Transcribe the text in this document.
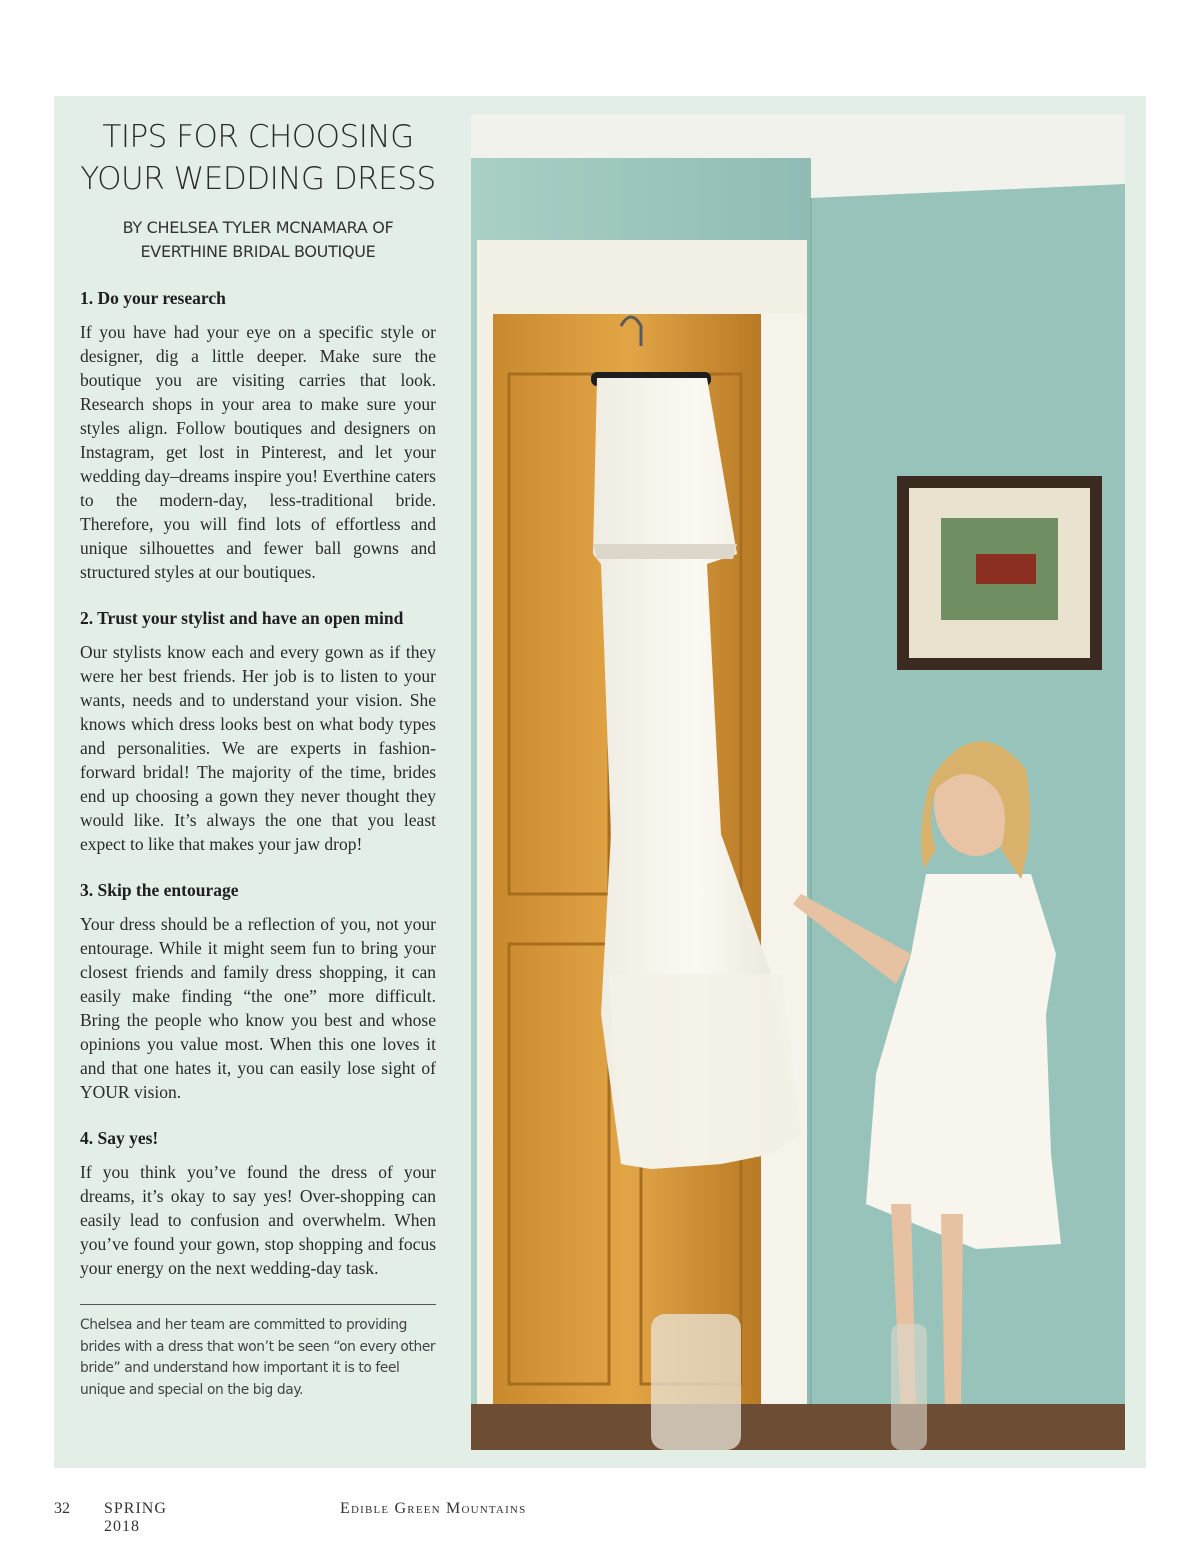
TIPS FOR CHOOSING
YOUR WEDDING DRESS
BY CHELSEA TYLER MCNAMARA OF
EVERTHINE BRIDAL BOUTIQUE

1. Do your research

If you have had your eye on a specific style or designer, dig a little deeper. Make sure the boutique you are visiting carries that look. Research shops in your area to make sure your styles align. Follow boutiques and designers on Instagram, get lost in Pinterest, and let your wedding day–dreams inspire you! Everthine caters to the modern-day, less-traditional bride. Therefore, you will find lots of effortless and unique silhouettes and fewer ball gowns and structured styles at our boutiques.

2. Trust your stylist and have an open mind

Our stylists know each and every gown as if they were her best friends. Her job is to listen to your wants, needs and to understand your vision. She knows which dress looks best on what body types and personalities. We are experts in fashion-forward bridal! The majority of the time, brides end up choosing a gown they never thought they would like. It’s always the one that you least expect to like that makes your jaw drop!

3. Skip the entourage

Your dress should be a reflection of you, not your entourage. While it might seem fun to bring your closest friends and family dress shopping, it can easily make finding “the one” more difficult. Bring the people who know you best and whose opinions you value most. When this one loves it and that one hates it, you can easily lose sight of YOUR vision.

4. Say yes!

If you think you’ve found the dress of your dreams, it’s okay to say yes! Over-shopping can easily lead to confusion and overwhelm. When you’ve found your gown, stop shopping and focus your energy on the next wedding-day task.

Chelsea and her team are committed to providing brides with a dress that won’t be seen “on every other bride” and understand how important it is to feel unique and special on the big day.

32 SPRING 2018
Edible Green Mountains
